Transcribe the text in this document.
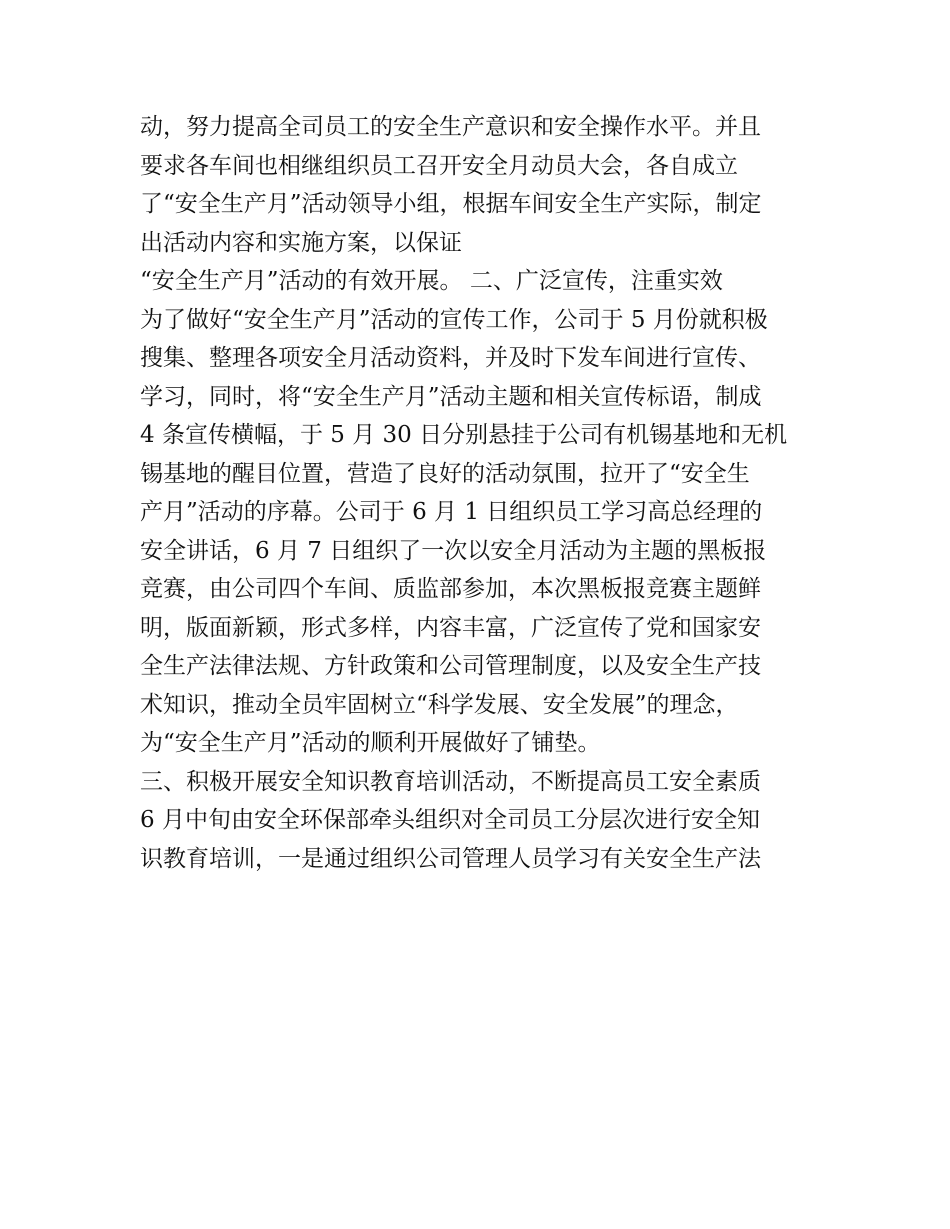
动，努力提高全司员工的安全生产意识和安全操作水平。并且
要求各车间也相继组织员工召开安全月动员大会，各自成立
了“安全生产月”活动领导小组，根据车间安全生产实际，制定
出活动内容和实施方案，以保证
“安全生产月”活动的有效开展。 二、广泛宣传，注重实效
为了做好“安全生产月”活动的宣传工作，公司于 5 月份就积极
搜集、整理各项安全月活动资料，并及时下发车间进行宣传、
学习，同时，将“安全生产月”活动主题和相关宣传标语，制成
4 条宣传横幅，于 5 月 30 日分别悬挂于公司有机锡基地和无机
锡基地的醒目位置，营造了良好的活动氛围，拉开了“安全生
产月”活动的序幕。公司于 6 月 1 日组织员工学习高总经理的
安全讲话，6 月 7 日组织了一次以安全月活动为主题的黑板报
竞赛，由公司四个车间、质监部参加，本次黑板报竞赛主题鲜
明，版面新颖，形式多样，内容丰富，广泛宣传了党和国家安
全生产法律法规、方针政策和公司管理制度，以及安全生产技
术知识，推动全员牢固树立“科学发展、安全发展”的理念，
为“安全生产月”活动的顺利开展做好了铺垫。
三、积极开展安全知识教育培训活动，不断提高员工安全素质
6 月中旬由安全环保部牵头组织对全司员工分层次进行安全知
识教育培训，一是通过组织公司管理人员学习有关安全生产法
